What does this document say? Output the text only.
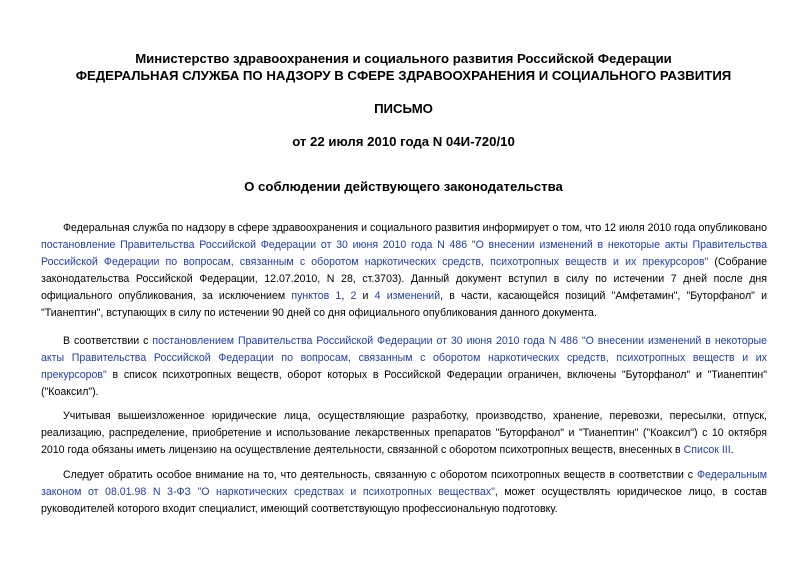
Министерство здравоохранения и социального развития Российской Федерации
ФЕДЕРАЛЬНАЯ СЛУЖБА ПО НАДЗОРУ В СФЕРЕ ЗДРАВООХРАНЕНИЯ И СОЦИАЛЬНОГО РАЗВИТИЯ
ПИСЬМО
от 22 июля 2010 года N 04И-720/10
О соблюдении действующего законодательства

Федеральная служба по надзору в сфере здравоохранения и социального развития информирует о том, что 12 июля 2010 года опубликовано постановление Правительства Российской Федерации от 30 июня 2010 года N 486 "О внесении изменений в некоторые акты Правительства Российской Федерации по вопросам, связанным с оборотом наркотических средств, психотропных веществ и их прекурсоров" (Собрание законодательства Российской Федерации, 12.07.2010, N 28, ст.3703). Данный документ вступил в силу по истечении 7 дней после дня официального опубликования, за исключением пунктов 1, 2 и 4 изменений, в части, касающейся позиций "Амфетамин", "Буторфанол" и "Тианептин", вступающих в силу по истечении 90 дней со дня официального опубликования данного документа.

В соответствии с постановлением Правительства Российской Федерации от 30 июня 2010 года N 486 "О внесении изменений в некоторые акты Правительства Российской Федерации по вопросам, связанным с оборотом наркотических средств, психотропных веществ и их прекурсоров" в список психотропных веществ, оборот которых в Российской Федерации ограничен, включены "Буторфанол" и "Тианептин" ("Коаксил").

Учитывая вышеизложенное юридические лица, осуществляющие разработку, производство, хранение, перевозки, пересылки, отпуск, реализацию, распределение, приобретение и использование лекарственных препаратов "Буторфанол" и "Тианептин" ("Коаксил") с 10 октября 2010 года обязаны иметь лицензию на осуществление деятельности, связанной с оборотом психотропных веществ, внесенных в Список III.

Следует обратить особое внимание на то, что деятельность, связанную с оборотом психотропных веществ в соответствии с Федеральным законом от 08.01.98 N 3-ФЗ "О наркотических средствах и психотропных веществах", может осуществлять юридическое лицо, в состав руководителей которого входит специалист, имеющий соответствующую профессиональную подготовку.
